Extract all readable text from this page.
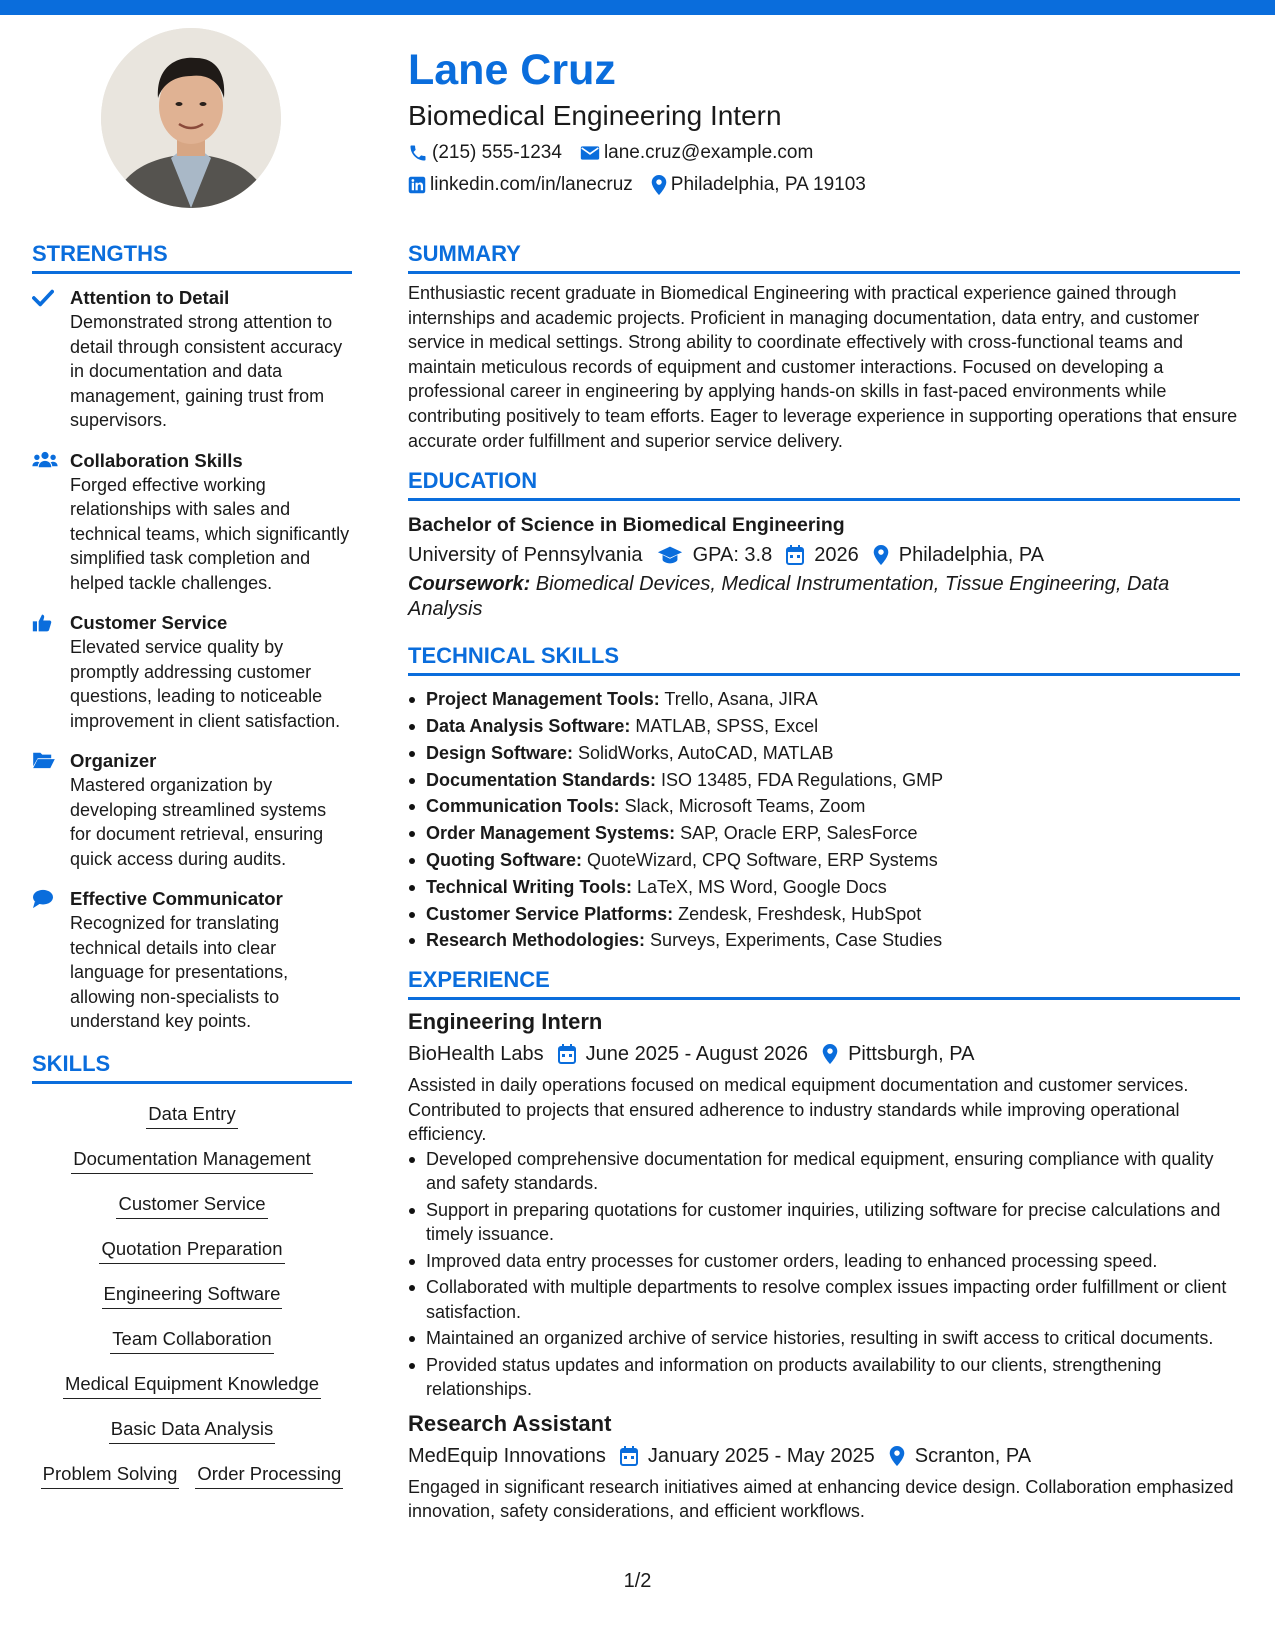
Lane Cruz
Biomedical Engineering Intern
(215) 555-1234 lane.cruz@example.com
linkedin.com/in/lanecruz Philadelphia, PA 19103
STRENGTHS
Attention to Detail
Demonstrated strong attention to detail through consistent accuracy in documentation and data management, gaining trust from supervisors.
Collaboration Skills
Forged effective working relationships with sales and technical teams, which significantly simplified task completion and helped tackle challenges.
Customer Service
Elevated service quality by promptly addressing customer questions, leading to noticeable improvement in client satisfaction.
Organizer
Mastered organization by developing streamlined systems for document retrieval, ensuring quick access during audits.
Effective Communicator
Recognized for translating technical details into clear language for presentations, allowing non-specialists to understand key points.
SKILLS
Data Entry
Documentation Management
Customer Service
Quotation Preparation
Engineering Software
Team Collaboration
Medical Equipment Knowledge
Basic Data Analysis
Problem Solving Order Processing
SUMMARY
Enthusiastic recent graduate in Biomedical Engineering with practical experience gained through internships and academic projects. Proficient in managing documentation, data entry, and customer service in medical settings. Strong ability to coordinate effectively with cross-functional teams and maintain meticulous records of equipment and customer interactions. Focused on developing a professional career in engineering by applying hands-on skills in fast-paced environments while contributing positively to team efforts. Eager to leverage experience in supporting operations that ensure accurate order fulfillment and superior service delivery.
EDUCATION
Bachelor of Science in Biomedical Engineering
University of Pennsylvania	GPA: 3.8 2026 Philadelphia, PA
Coursework: Biomedical Devices, Medical Instrumentation, Tissue Engineering, Data Analysis
TECHNICAL SKILLS
Project Management Tools: Trello, Asana, JIRA
Data Analysis Software: MATLAB, SPSS, Excel
Design Software: SolidWorks, AutoCAD, MATLAB
Documentation Standards: ISO 13485, FDA Regulations, GMP
Communication Tools: Slack, Microsoft Teams, Zoom
Order Management Systems: SAP, Oracle ERP, SalesForce
Quoting Software: QuoteWizard, CPQ Software, ERP Systems
Technical Writing Tools: LaTeX, MS Word, Google Docs
Customer Service Platforms: Zendesk, Freshdesk, HubSpot
Research Methodologies: Surveys, Experiments, Case Studies
EXPERIENCE
Engineering Intern
BioHealth Labs June 2025 - August 2026 Pittsburgh, PA
Assisted in daily operations focused on medical equipment documentation and customer services. Contributed to projects that ensured adherence to industry standards while improving operational efficiency.
Developed comprehensive documentation for medical equipment, ensuring compliance with quality and safety standards.
Support in preparing quotations for customer inquiries, utilizing software for precise calculations and timely issuance.
Improved data entry processes for customer orders, leading to enhanced processing speed.
Collaborated with multiple departments to resolve complex issues impacting order fulfillment or client satisfaction.
Maintained an organized archive of service histories, resulting in swift access to critical documents.
Provided status updates and information on products availability to our clients, strengthening relationships.
Research Assistant
MedEquip Innovations January 2025 - May 2025 Scranton, PA
Engaged in significant research initiatives aimed at enhancing device design. Collaboration emphasized innovation, safety considerations, and efficient workflows.
1/2
